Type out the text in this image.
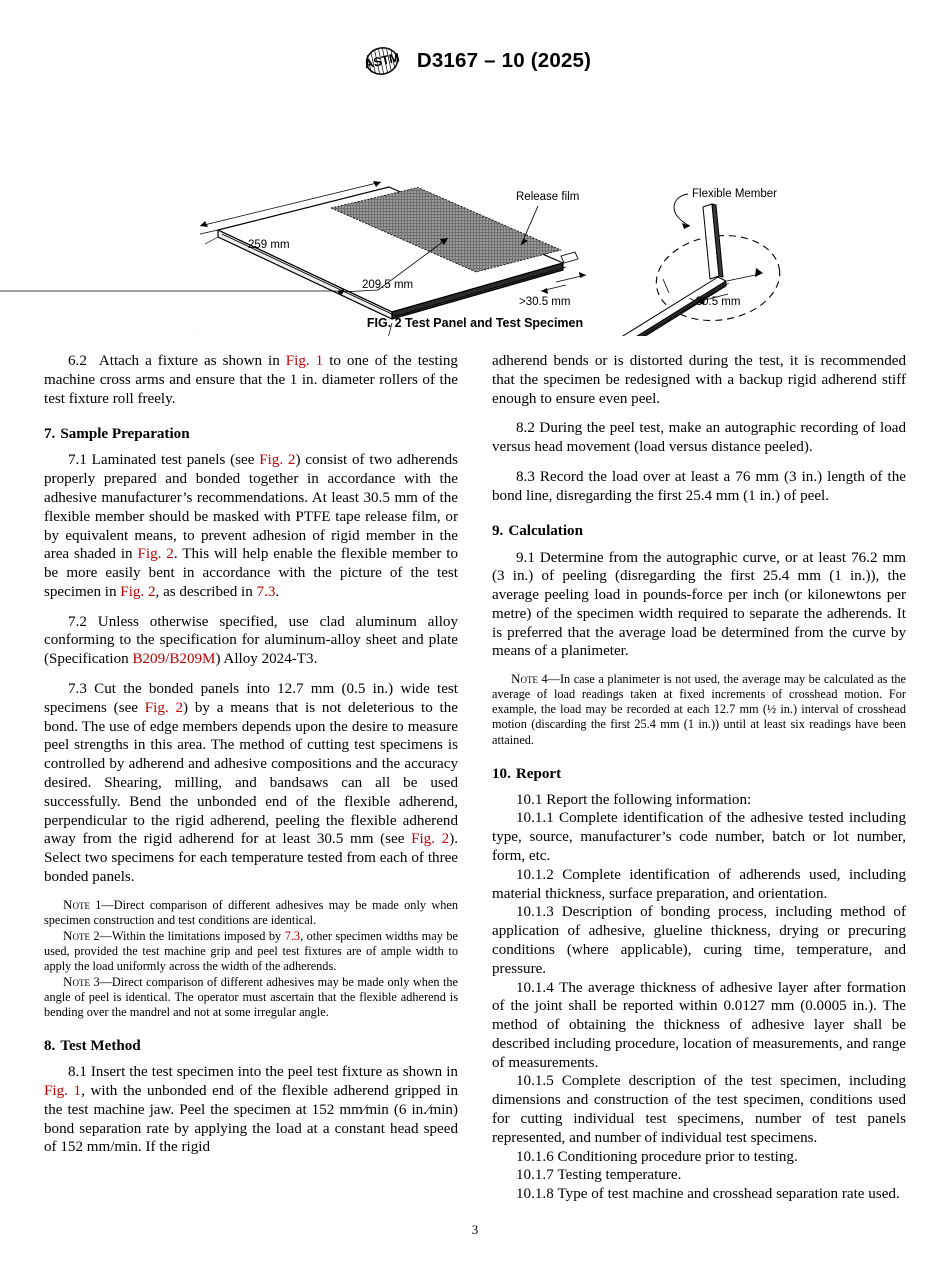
ASTM D3167 – 10 (2025)
259 mm
209.5 mm
>30.5 mm
Release film	Flexible Member
>30.5 mm
FIG. 2 Test Panel and Test Specimen

6.2 Attach a fixture as shown in Fig. 1 to one of the testing machine cross arms and ensure that the 1 in. diameter rollers of the test fixture roll freely.

7. Sample Preparation

7.1 Laminated test panels (see Fig. 2) consist of two adherends properly prepared and bonded together in accordance with the adhesive manufacturer’s recommendations. At least 30.5 mm of the flexible member should be masked with PTFE tape release film, or by equivalent means, to prevent adhesion of rigid member in the area shaded in Fig. 2. This will help enable the flexible member to be more easily bent in accordance with the picture of the test specimen in Fig. 2, as described in 7.3.

7.2 Unless otherwise specified, use clad aluminum alloy conforming to the specification for aluminum-alloy sheet and plate (Specification B209/B209M) Alloy 2024-T3.

7.3 Cut the bonded panels into 12.7 mm (0.5 in.) wide test specimens (see Fig. 2) by a means that is not deleterious to the bond. The use of edge members depends upon the desire to measure peel strengths in this area. The method of cutting test specimens is controlled by adherend and adhesive compositions and the accuracy desired. Shearing, milling, and bandsaws can all be used successfully. Bend the unbonded end of the flexible adherend, perpendicular to the rigid adherend, peeling the flexible adherend away from the rigid adherend for at least 30.5 mm (see Fig. 2). Select two specimens for each temperature tested from each of three bonded panels.

Note 1—Direct comparison of different adhesives may be made only when specimen construction and test conditions are identical.

Note 2—Within the limitations imposed by 7.3, other specimen widths may be used, provided the test machine grip and peel test fixtures are of ample width to apply the load uniformly across the width of the adherends.

Note 3—Direct comparison of different adhesives may be made only when the angle of peel is identical. The operator must ascertain that the flexible adherend is bending over the mandrel and not at some irregular angle.

8. Test Method

8.1 Insert the test specimen into the peel test fixture as shown in Fig. 1, with the unbonded end of the flexible adherend gripped in the test machine jaw. Peel the specimen at 152 mm⁄min (6 in.⁄min) bond separation rate by applying the load at a constant head speed of 152 mm/min. If the rigid

adherend bends or is distorted during the test, it is recommended that the specimen be redesigned with a backup rigid adherend stiff enough to ensure even peel.

8.2 During the peel test, make an autographic recording of load versus head movement (load versus distance peeled).

8.3 Record the load over at least a 76 mm (3 in.) length of the bond line, disregarding the first 25.4 mm (1 in.) of peel.

9. Calculation

9.1 Determine from the autographic curve, or at least 76.2 mm (3 in.) of peeling (disregarding the first 25.4 mm (1 in.)), the average peeling load in pounds-force per inch (or kilonewtons per metre) of the specimen width required to separate the adherends. It is preferred that the average load be determined from the curve by means of a planimeter.

Note 4—In case a planimeter is not used, the average may be calculated as the average of load readings taken at fixed increments of crosshead motion. For example, the load may be recorded at each 12.7 mm (½ in.) interval of crosshead motion (discarding the first 25.4 mm (1 in.)) until at least six readings have been attained.

10. Report

10.1 Report the following information:

10.1.1 Complete identification of the adhesive tested including type, source, manufacturer’s code number, batch or lot number, form, etc.

10.1.2 Complete identification of adherends used, including material thickness, surface preparation, and orientation.

10.1.3 Description of bonding process, including method of application of adhesive, glueline thickness, drying or precuring conditions (where applicable), curing time, temperature, and pressure.

10.1.4 The average thickness of adhesive layer after formation of the joint shall be reported within 0.0127 mm (0.0005 in.). The method of obtaining the thickness of adhesive layer shall be described including procedure, location of measurements, and range of measurements.

10.1.5 Complete description of the test specimen, including dimensions and construction of the test specimen, conditions used for cutting individual test specimens, number of test panels represented, and number of individual test specimens.

10.1.6 Conditioning procedure prior to testing.

10.1.7 Testing temperature.

10.1.8 Type of test machine and crosshead separation rate used.

3
